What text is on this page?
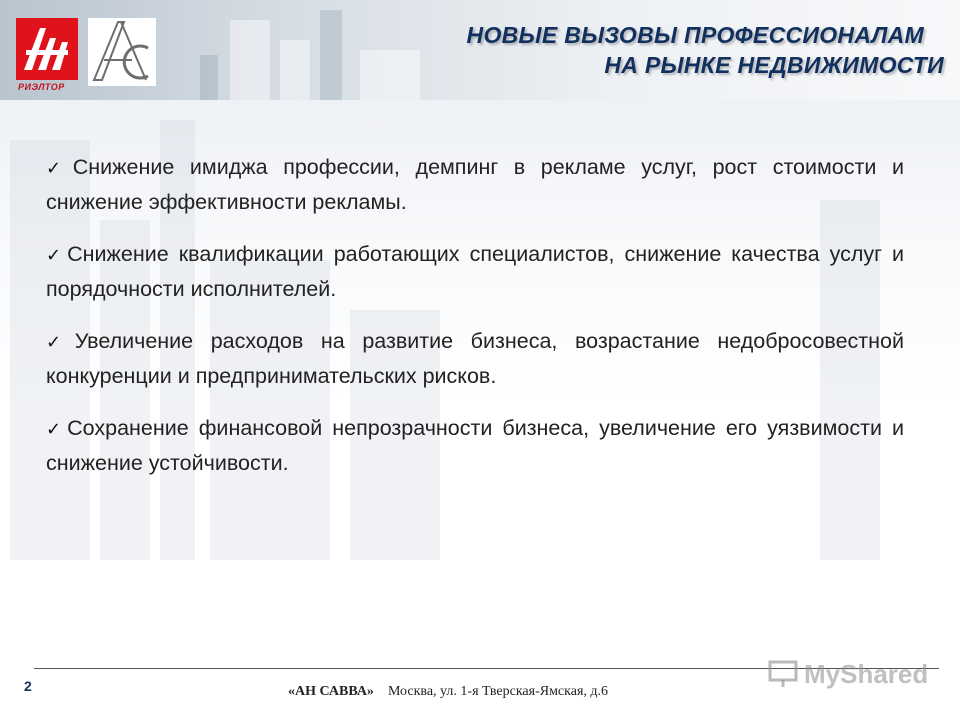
РИЭЛТОР
НОВЫЕ ВЫЗОВЫ ПРОФЕССИОНАЛАМ
НА РЫНКЕ НЕДВИЖИМОСТИ
✓Снижение имиджа профессии, демпинг в рекламе услуг, рост стоимости и снижение эффективности рекламы.
✓Снижение квалификации работающих специалистов, снижение качества услуг и порядочности исполнителей.
✓Увеличение расходов на развитие бизнеса, возрастание недобросовестной конкуренции и предпринимательских рисков.
✓Сохранение финансовой непрозрачности бизнеса, увеличение его уязвимости и снижение устойчивости.
2	«АН САВВА» Москва, ул. 1-я Тверская-Ямская, д.6
MyShared
